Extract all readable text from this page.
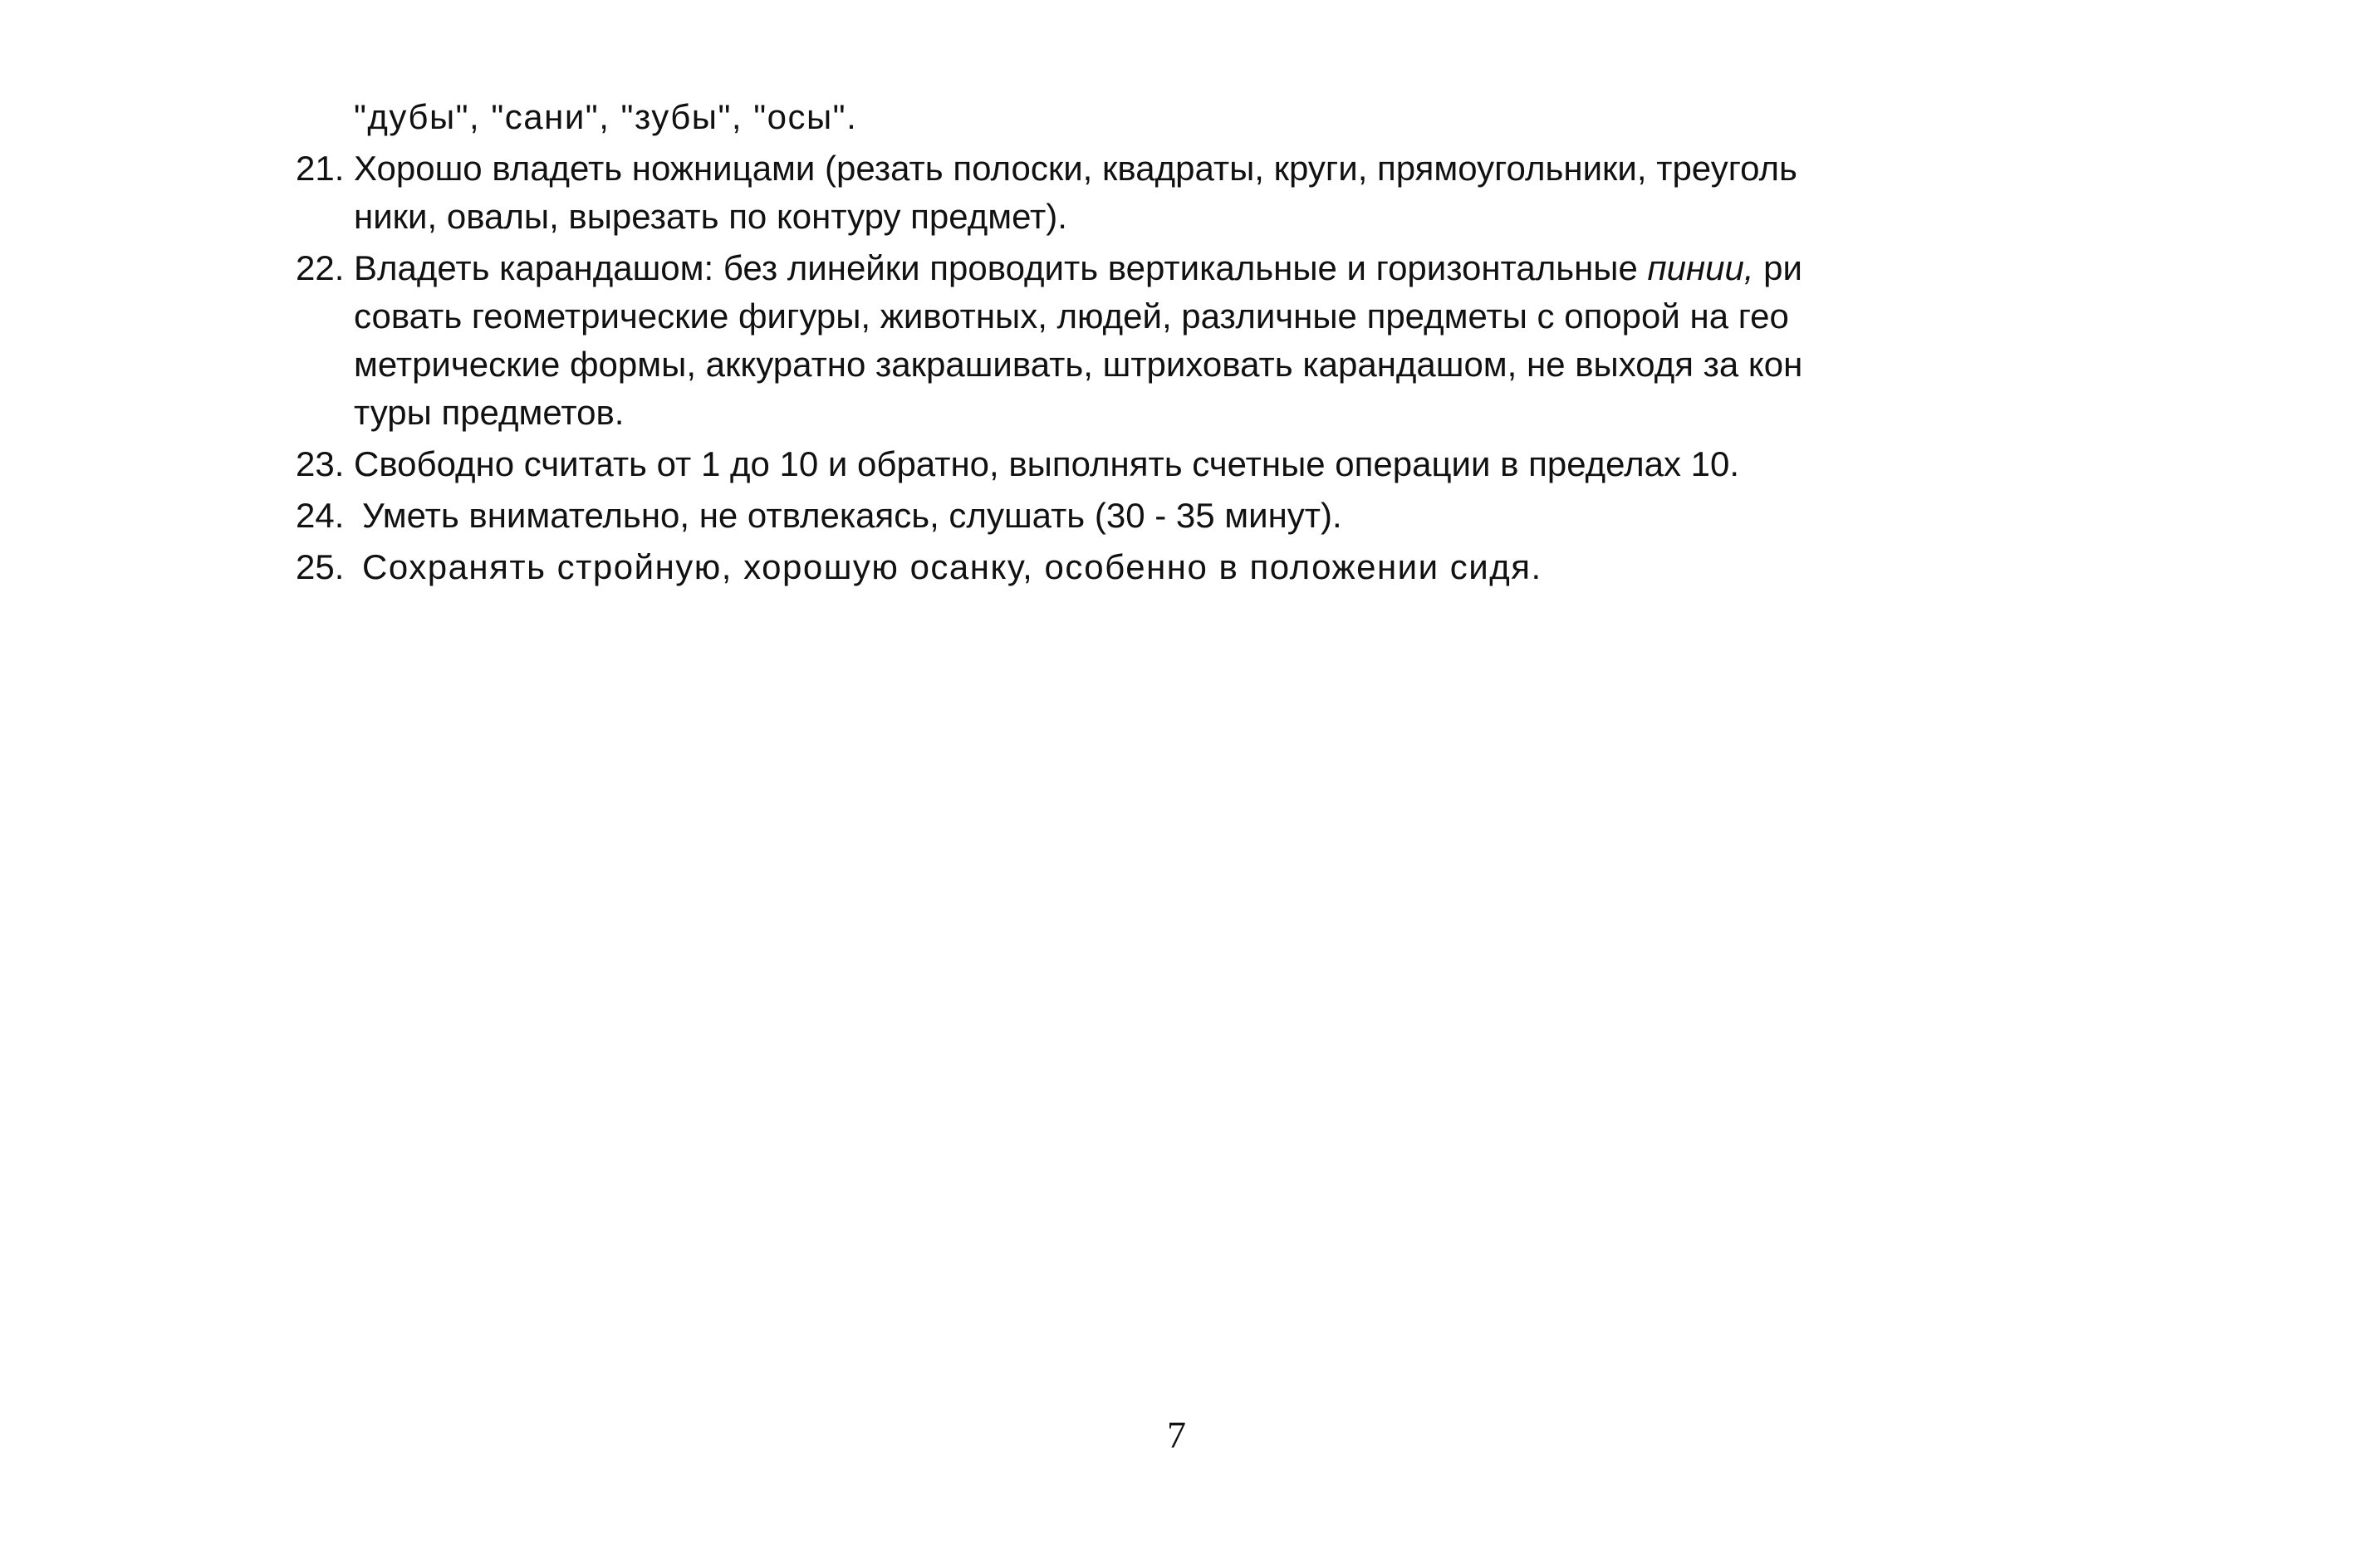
"дубы", "сани", "зубы", "осы".
21. Хорошо владеть ножницами (резать полоски, квадраты, круги, прямоугольники, треуголь
ники, овалы, вырезать по контуру предмет).
22. Владеть карандашом: без линейки проводить вертикальные и горизонтальные пинии, ри
совать геометрические фигуры, животных, людей, различные предметы с опорой на гео
метрические формы, аккуратно закрашивать, штриховать карандашом, не выходя за кон
туры предметов.
23. Свободно считать от 1 до 10 и обратно, выполнять счетные операции в пределах 10.
24. Уметь внимательно, не отвлекаясь, слушать (30 - 35 минут).
25. Сохранять стройную, хорошую осанку, особенно в положении сидя.
7
